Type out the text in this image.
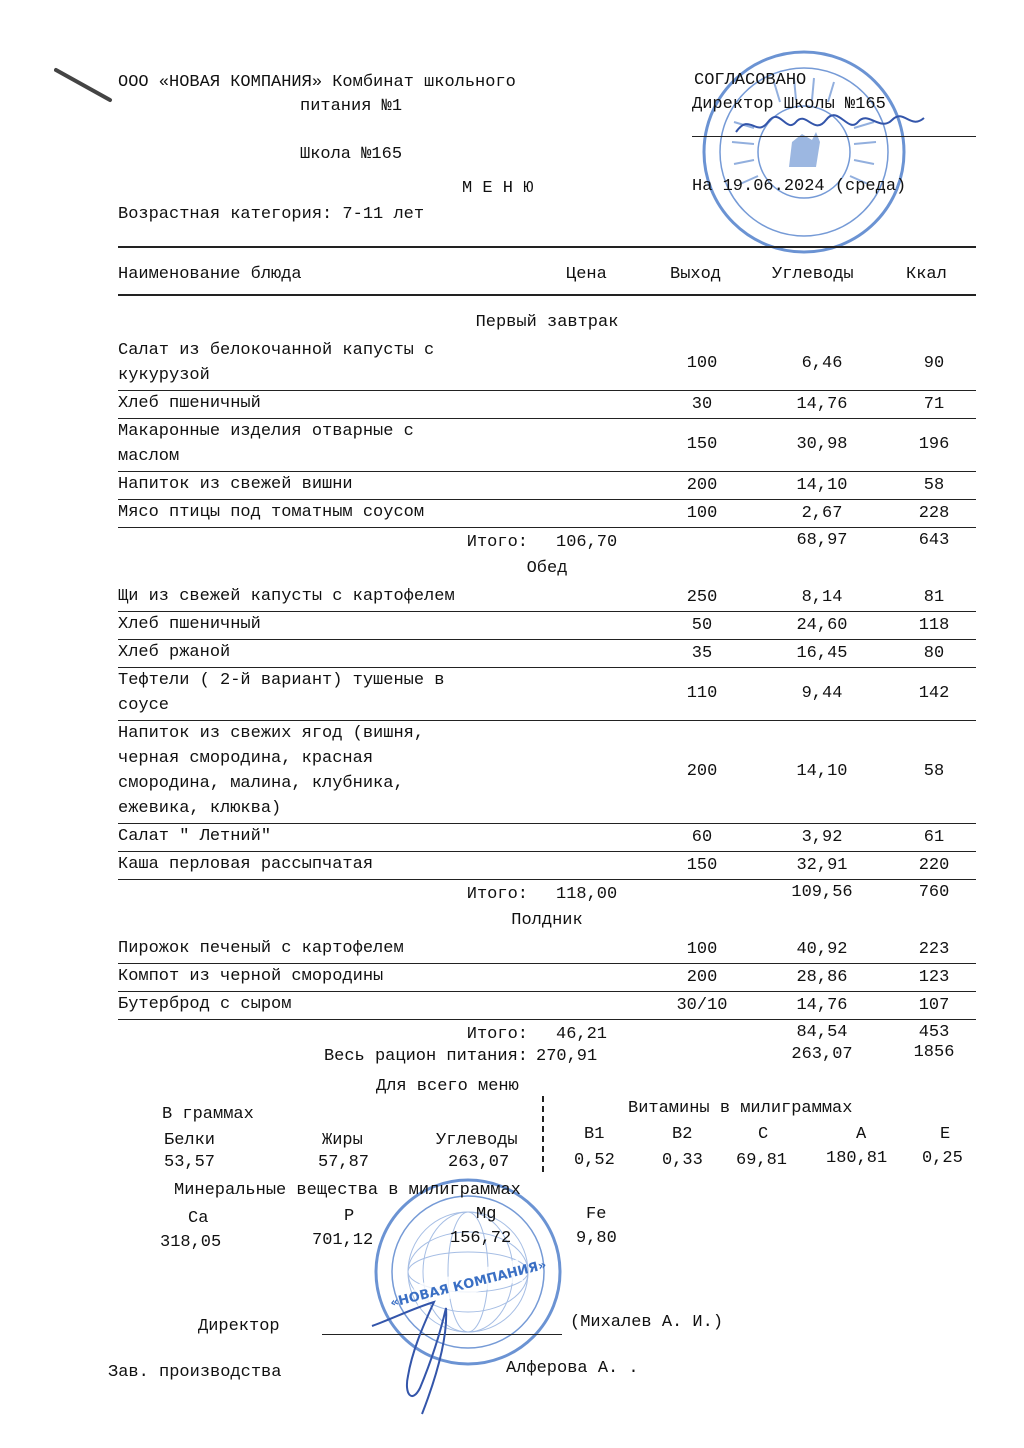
«НОВАЯ КОМПАНИЯ»
ООО «НОВАЯ КОМПАНИЯ» Комбинат школьного
питания №1
Школа №165
М Е Н Ю
Возрастная категория: 7-11 лет
СОГЛАСОВАНО
Директор Школы №165
На 19.06.2024 (среда)
Наименование блюда	Цена	Выход	Углеводы	Ккал
Первый завтрак
Салат из белокочанной капусты с
кукурузой
100	6,46	90
Хлеб пшеничный	30	14,76	71
Макаронные изделия отварные с
маслом
150	30,98	196
Напиток из свежей вишни	200	14,10	58
Мясо птицы под томатным соусом	100	2,67	228
Итого: 106,70	68,97	643
Обед
Щи из свежей капусты с картофелем	250	8,14	81
Хлеб пшеничный	50	24,60	118
Хлеб ржаной	35	16,45	80
Тефтели ( 2-й вариант) тушеные в
соусе
110	9,44	142
Напиток из свежих ягод (вишня,
черная смородина, красная
смородина, малина, клубника,
ежевика, клюква)
200	14,10	58
Салат " Летний"	60	3,92	61
Каша перловая рассыпчатая	150	32,91	220
Итого: 118,00	109,56	760
Полдник
Пирожок печеный с картофелем	100	40,92	223
Компот из черной смородины	200	28,86	123
Бутерброд с сыром	30/10	14,76	107
Итого: 46,21	84,54	453
Весь рацион питания: 270,91	263,07	1856
Для всего меню
В граммах	Витамины в милиграммах
Белки
53,57
Жиры
57,87
Углеводы
263,07
B1
0,52
B2
0,33
C
69,81
A
180,81
E
0,25
Минеральные вещества в милиграммах
Ca
318,05
P
701,12
Mg
156,72
Fe
9,80
Директор	(Михалев А. И.)
Зав. производства	Алферова А. .
